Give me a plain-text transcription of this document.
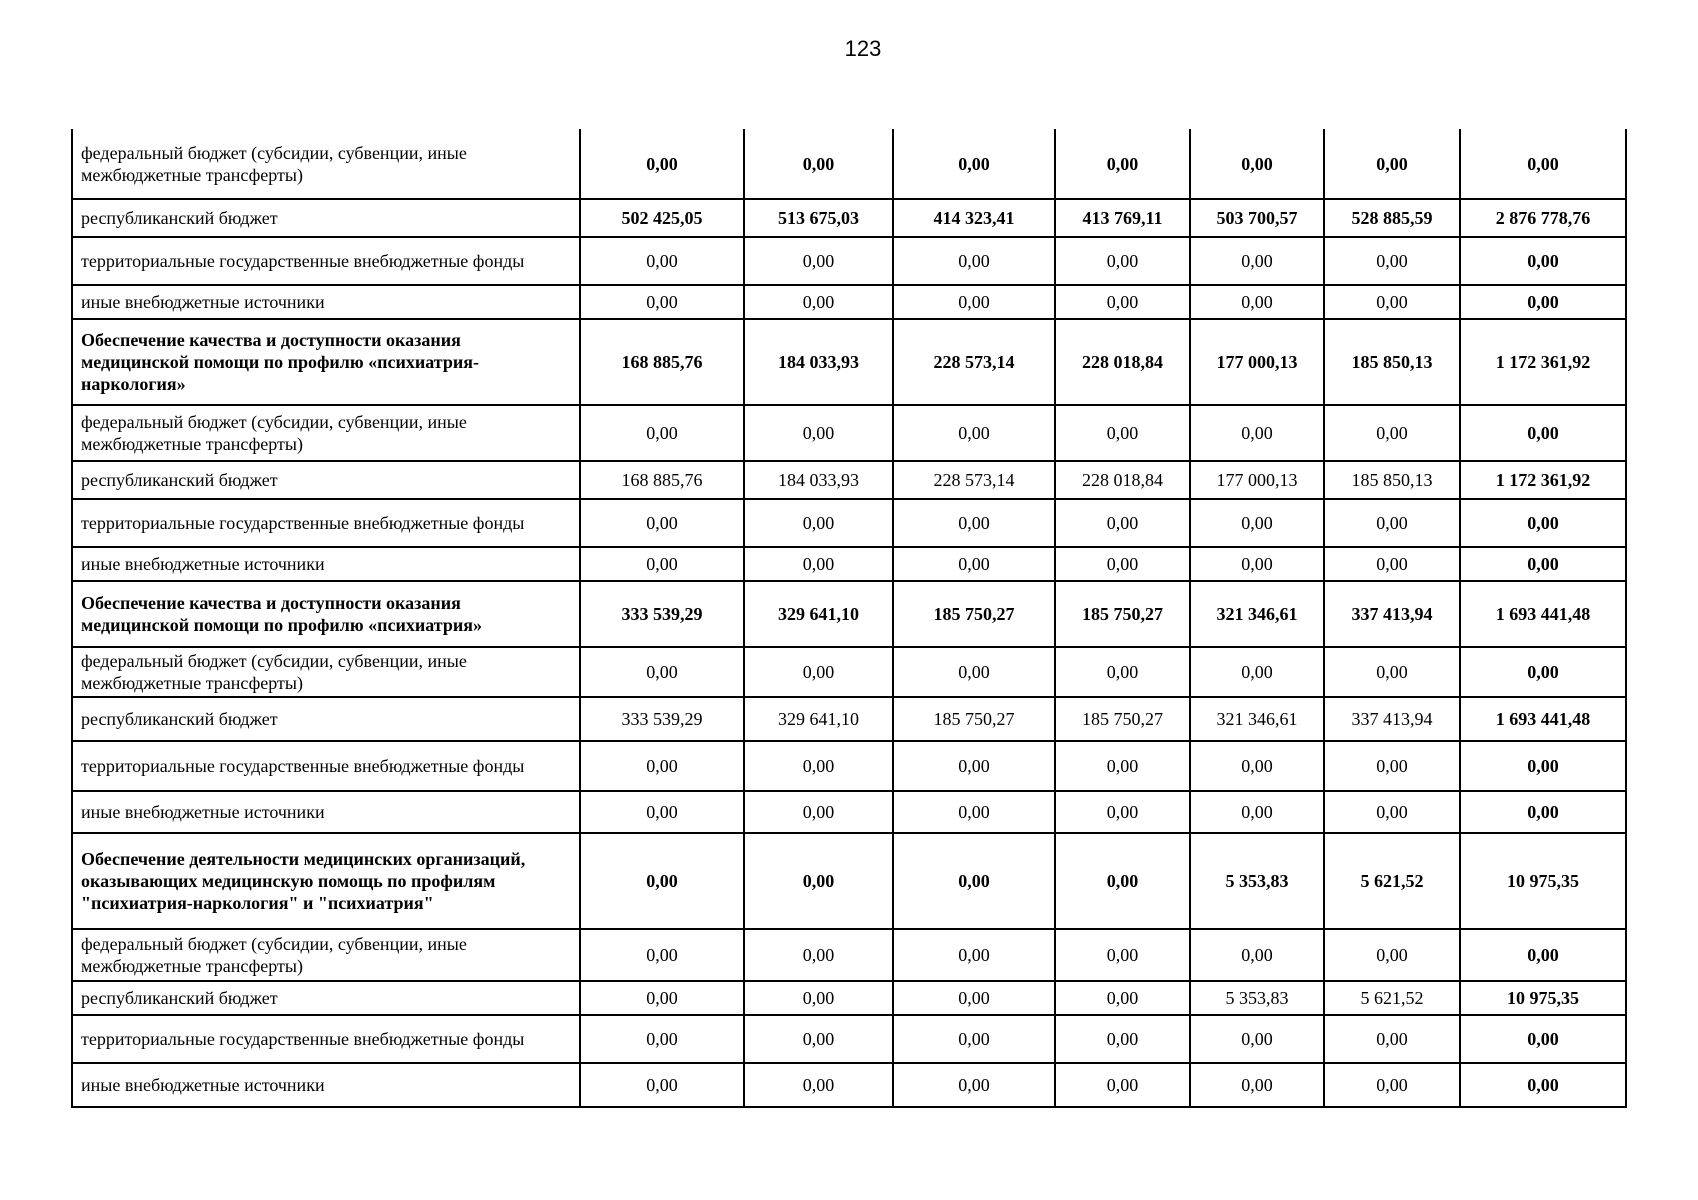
123
федеральный бюджет (субсидии, субвенции, иные межбюджетные трансферты)	0,00	0,00	0,00	0,00	0,00	0,00	0,00
республиканский бюджет	502 425,05	513 675,03	414 323,41	413 769,11	503 700,57	528 885,59	2 876 778,76
территориальные государственные внебюджетные фонды	0,00	0,00	0,00	0,00	0,00	0,00	0,00
иные внебюджетные источники	0,00	0,00	0,00	0,00	0,00	0,00	0,00
Обеспечение качества и доступности оказания медицинской помощи по профилю «психиатрия-наркология»	168 885,76	184 033,93	228 573,14	228 018,84	177 000,13	185 850,13	1 172 361,92
федеральный бюджет (субсидии, субвенции, иные межбюджетные трансферты)	0,00	0,00	0,00	0,00	0,00	0,00	0,00
республиканский бюджет	168 885,76	184 033,93	228 573,14	228 018,84	177 000,13	185 850,13	1 172 361,92
территориальные государственные внебюджетные фонды	0,00	0,00	0,00	0,00	0,00	0,00	0,00
иные внебюджетные источники	0,00	0,00	0,00	0,00	0,00	0,00	0,00
Обеспечение качества и доступности оказания медицинской помощи по профилю «психиатрия»	333 539,29	329 641,10	185 750,27	185 750,27	321 346,61	337 413,94	1 693 441,48
федеральный бюджет (субсидии, субвенции, иные межбюджетные трансферты)	0,00	0,00	0,00	0,00	0,00	0,00	0,00
республиканский бюджет	333 539,29	329 641,10	185 750,27	185 750,27	321 346,61	337 413,94	1 693 441,48
территориальные государственные внебюджетные фонды	0,00	0,00	0,00	0,00	0,00	0,00	0,00
иные внебюджетные источники	0,00	0,00	0,00	0,00	0,00	0,00	0,00
Обеспечение деятельности медицинских организаций, оказывающих медицинскую помощь по профилям "психиатрия-наркология" и "психиатрия"	0,00	0,00	0,00	0,00	5 353,83	5 621,52	10 975,35
федеральный бюджет (субсидии, субвенции, иные межбюджетные трансферты)	0,00	0,00	0,00	0,00	0,00	0,00	0,00
республиканский бюджет	0,00	0,00	0,00	0,00	5 353,83	5 621,52	10 975,35
территориальные государственные внебюджетные фонды	0,00	0,00	0,00	0,00	0,00	0,00	0,00
иные внебюджетные источники	0,00	0,00	0,00	0,00	0,00	0,00	0,00
